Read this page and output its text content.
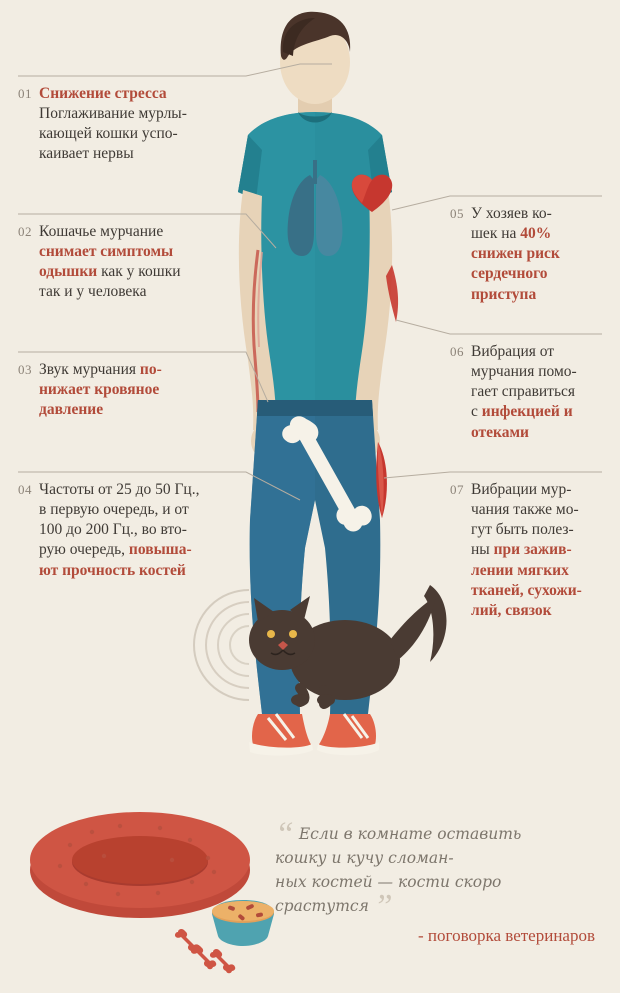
01 Снижение стресса
Поглаживание мурлы-
кающей кошки успо-
каивает нервы
02 Кошачье мурчание
снимает симптомы
одышки как у кошки
так и у человека
03 Звук мурчания по-
нижает кровяное
давление
04 Частоты от 25 до 50 Гц.,
в первую очередь, и от
100 до 200 Гц., во вто-
рую очередь, повыша-
ют прочность костей
05 У хозяев ко-
шек на 40%
снижен риск
сердечного
приступа
06 Вибрация от
мурчания помо-
гает справиться
с инфекцией и
отеками
07 Вибрации мур-
чания также мо-
гут быть полез-
ны при зажив-
лении мягких
тканей, сухожи-
лий, связок
“ Если в комнате оставить
кошку и кучу сломан-
ных костей — кости скоро
срастутся ”
- поговорка ветеринаров
